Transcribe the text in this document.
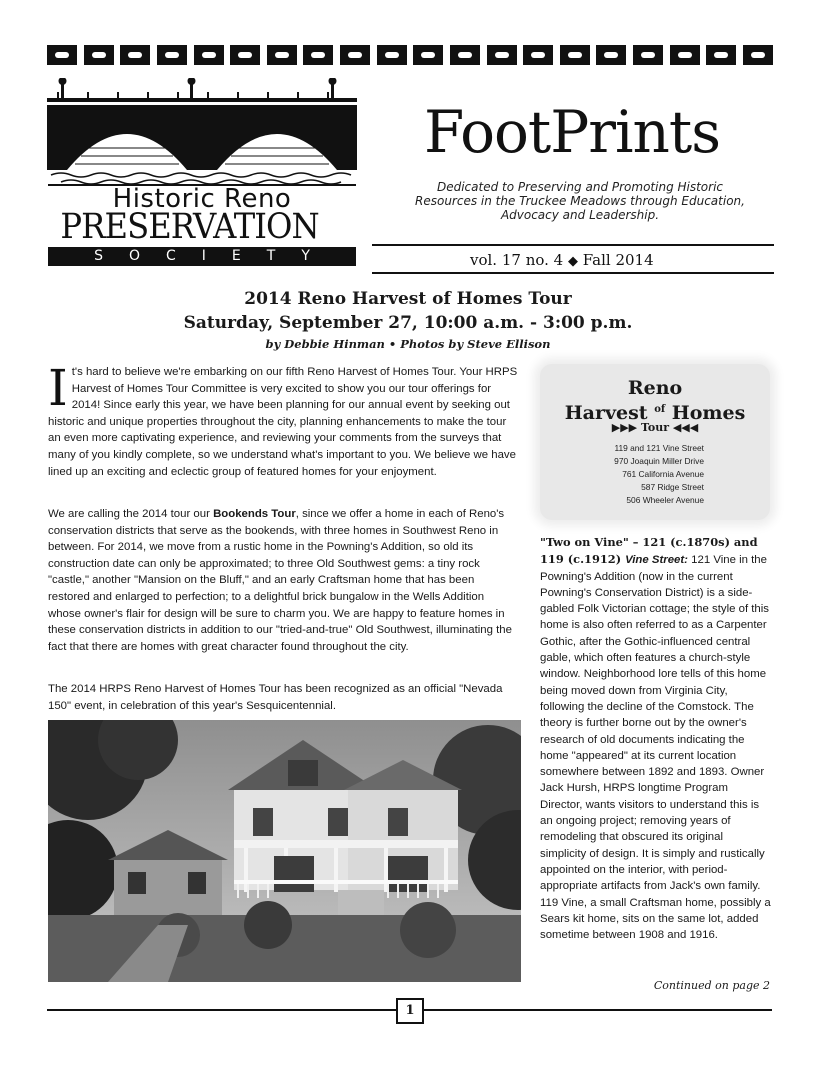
Historic Reno
PRESERVATION
SOCIETY
FootPrints
Dedicated to Preserving and Promoting Historic Resources in the Truckee Meadows through Education, Advocacy and Leadership.
vol. 17 no. 4 ◆ Fall 2014
2014 Reno Harvest of Homes Tour
Saturday, September 27, 10:00 a.m. - 3:00 p.m.
by Debbie Hinman • Photos by Steve Ellison
It's hard to believe we're embarking on our fifth Reno Harvest of Homes Tour. Your HRPS Harvest of Homes Tour Committee is very excited to show you our tour offerings for 2014! Since early this year, we have been planning for our annual event by seeking out historic and unique properties throughout the city, planning enhancements to make the tour an even more captivating experience, and reviewing your comments from the surveys that many of you kindly complete, so we understand what's important to you. We believe we have lined up an exciting and eclectic group of featured homes for your enjoyment.
We are calling the 2014 tour our Bookends Tour, since we offer a home in each of Reno's conservation districts that serve as the bookends, with three homes in Southwest Reno in between. For 2014, we move from a rustic home in the Powning's Addition, so old its construction date can only be approximated; to three Old Southwest gems: a tiny rock "castle," another "Mansion on the Bluff," and an early Craftsman home that has been restored and enlarged to perfection; to a delightful brick bungalow in the Wells Addition whose owner's flair for design will be sure to charm you. We are happy to feature homes in these conservation districts in addition to our "tried-and-true" Old Southwest, illuminating the fact that there are homes with great character found throughout the city.
The 2014 HRPS Reno Harvest of Homes Tour has been recognized as an official "Nevada 150" event, in celebration of this year's Sesquicentennial.
Reno
Harvest $^{of}$ Homes
▶▶▶ Tour ◀◀◀
119 and 121 Vine Street
970 Joaquin Miller Drive
761 California Avenue
587 Ridge Street
506 Wheeler Avenue
"Two on Vine" – 121 (c.1870s) and 119 (c.1912) Vine Street: 121 Vine in the Powning's Addition (now in the current Powning's Conservation District) is a side-gabled Folk Victorian cottage; the style of this home is also often referred to as a Carpenter Gothic, after the Gothic-influenced central gable, which often features a church-style window. Neighborhood lore tells of this home being moved down from Virginia City, following the decline of the Comstock. The theory is further borne out by the owner's research of old documents indicating the home "appeared" at its current location somewhere between 1892 and 1893. Owner Jack Hursh, HRPS longtime Program Director, wants visitors to understand this is an ongoing project; removing years of remodeling that obscured its original simplicity of design. It is simply and rustically appointed on the interior, with period-appropriate artifacts from Jack's own family. 119 Vine, a small Craftsman home, possibly a Sears kit home, sits on the same lot, added sometime between 1908 and 1916.
Continued on page 2
1
